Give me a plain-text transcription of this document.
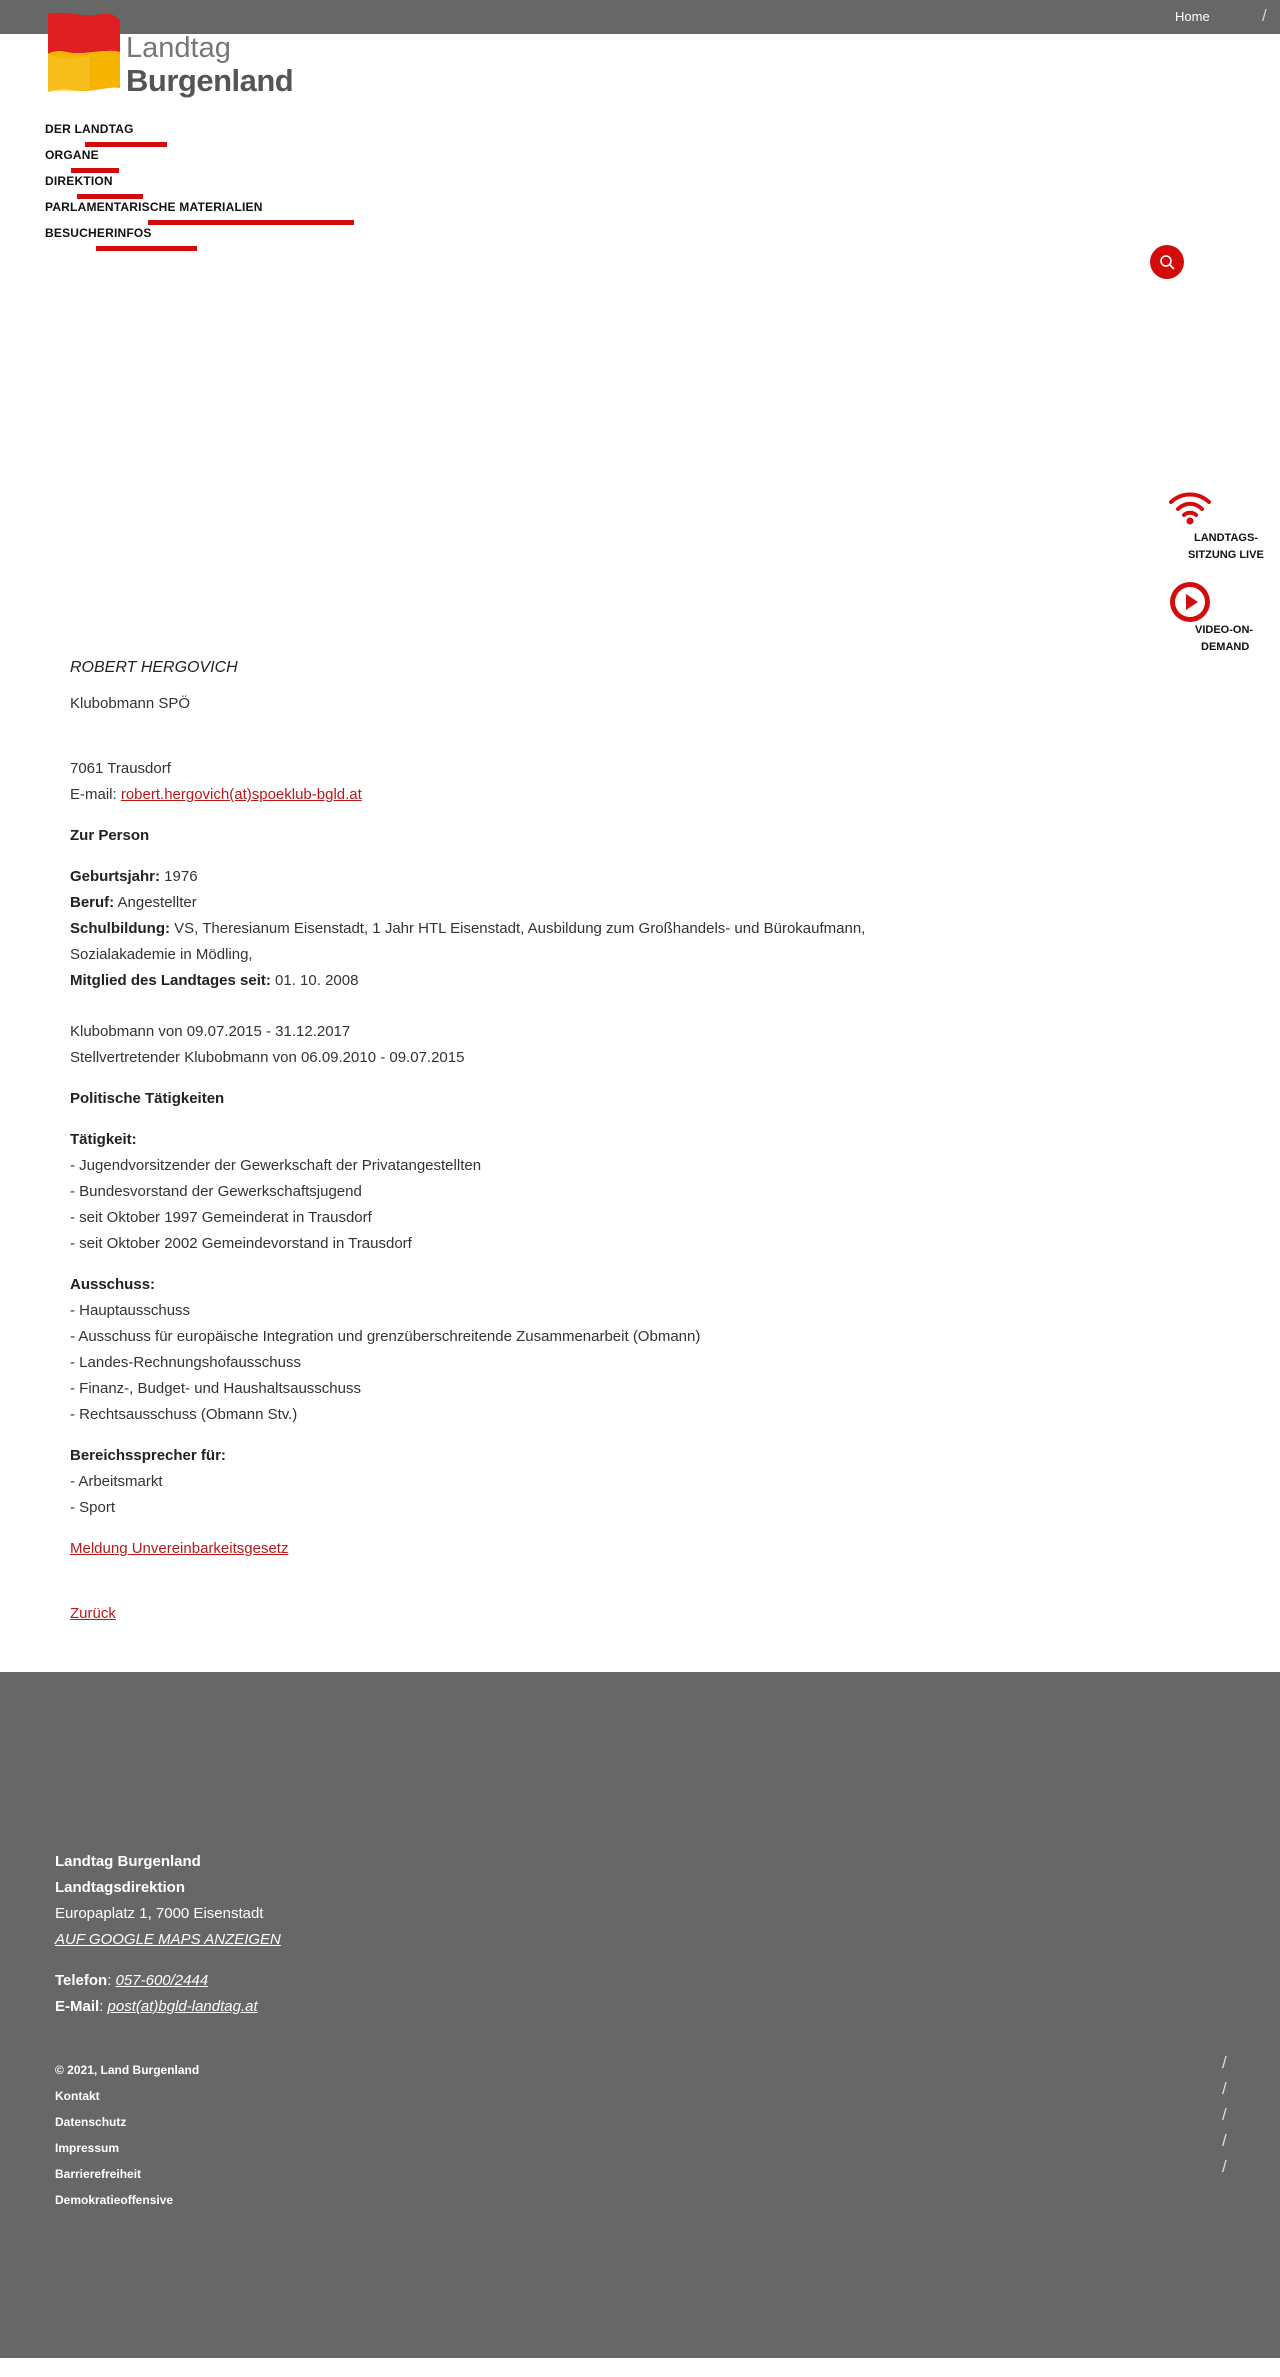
Home	/
Landtag
Burgenland
DER LANDTAG
ORGANE
DIREKTION
PARLAMENTARISCHE MATERIALIEN
BESUCHERINFOS
LANDTAGS-
SITZUNG LIVE
VIDEO-ON-
DEMAND
ROBERT HERGOVICH

Klubobmann SPÖ

7061 Trausdorf
E-mail: robert.hergovich(at)spoeklub-bgld.at

Zur Person

Geburtsjahr: 1976
Beruf: Angestellter
Schulbildung: VS, Theresianum Eisenstadt, 1 Jahr HTL Eisenstadt, Ausbildung zum Großhandels- und Bürokaufmann,
Sozialakademie in Mödling,
Mitglied des Landtages seit: 01. 10. 2008

Klubobmann von 09.07.2015 - 31.12.2017
Stellvertretender Klubobmann von 06.09.2010 - 09.07.2015

Politische Tätigkeiten

Tätigkeit:
- Jugendvorsitzender der Gewerkschaft der Privatangestellten
- Bundesvorstand der Gewerkschaftsjugend
- seit Oktober 1997 Gemeinderat in Trausdorf
- seit Oktober 2002 Gemeindevorstand in Trausdorf

Ausschuss:
- Hauptausschuss
- Ausschuss für europäische Integration und grenzüberschreitende Zusammenarbeit (Obmann)
- Landes-Rechnungshofausschuss
- Finanz-, Budget- und Haushaltsausschuss
- Rechtsausschuss (Obmann Stv.)

Bereichssprecher für:
- Arbeitsmarkt
- Sport

Meldung Unvereinbarkeitsgesetz

Zurück

Landtag Burgenland
Landtagsdirektion
Europaplatz 1, 7000 Eisenstadt
AUF GOOGLE MAPS ANZEIGEN

Telefon: 057-600/2444
E-Mail: post(at)bgld-landtag.at
© 2021, Land Burgenland
Kontakt
Datenschutz
Impressum
Barrierefreiheit
Demokratieoffensive
/
/
/
/
/
